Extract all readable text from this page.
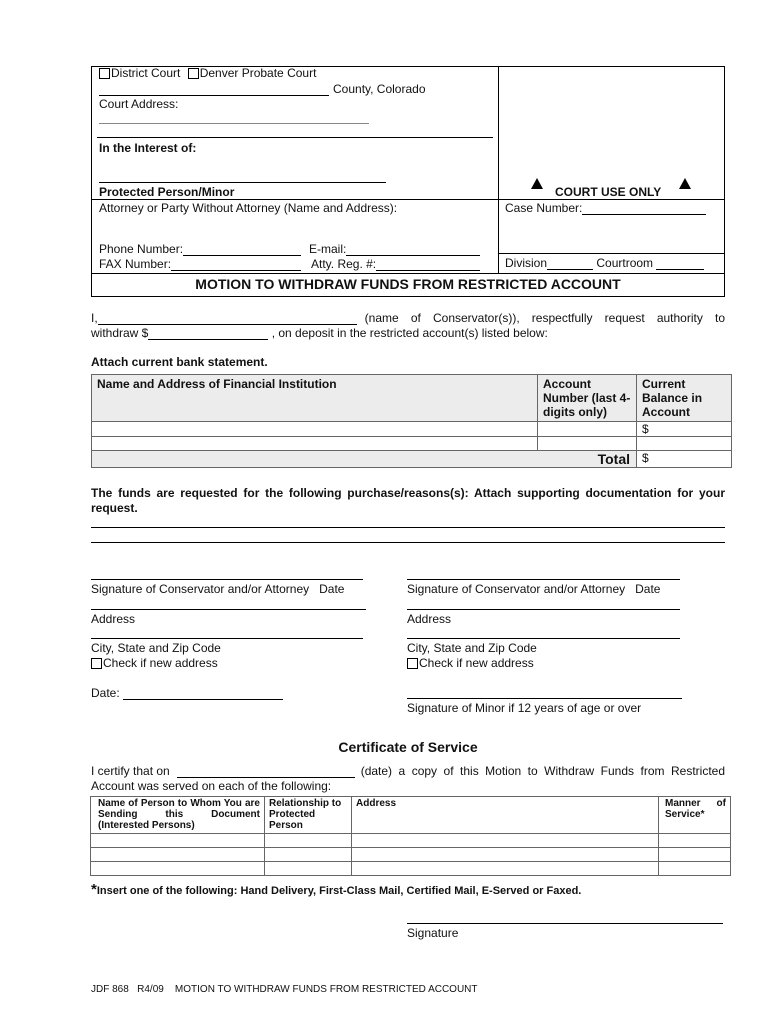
District Court Denver Probate Court
County, Colorado
Court Address:
In the Interest of:
Protected Person/Minor
Attorney or Party Without Attorney (Name and Address):
Phone Number:	E-mail:
FAX Number:	Atty. Reg. #:
COURT USE ONLY
Case Number:
Division	Courtroom
MOTION TO WITHDRAW FUNDS FROM RESTRICTED ACCOUNT
I,	(name of Conservator(s)), respectfully request authority to
withdraw $	, on deposit in the restricted account(s) listed below:
Attach current bank statement.
Name and Address of Financial Institution	Account Number (last 4-digits only)	Current Balance in Account
		$

Total		$
The funds are requested for the following purchase/reasons(s): Attach supporting documentation for your request.
Signature of Conservator and/or Attorney   Date	Signature of Conservator and/or Attorney   Date
Address	Address
City, State and Zip Code	City, State and Zip Code
Check if new address	Check if new address
Date:
Signature of Minor if 12 years of age or over
Certificate of Service
I certify that on	(date) a copy of this Motion to Withdraw Funds from Restricted
Account was served on each of the following:
Name of Person to Whom You are Sending this Document (Interested Persons)	Relationship to Protected Person	Address	Manner of Service*

*Insert one of the following: Hand Delivery, First-Class Mail, Certified Mail, E-Served or Faxed.
Signature
JDF 868   R4/09    MOTION TO WITHDRAW FUNDS FROM RESTRICTED ACCOUNT
